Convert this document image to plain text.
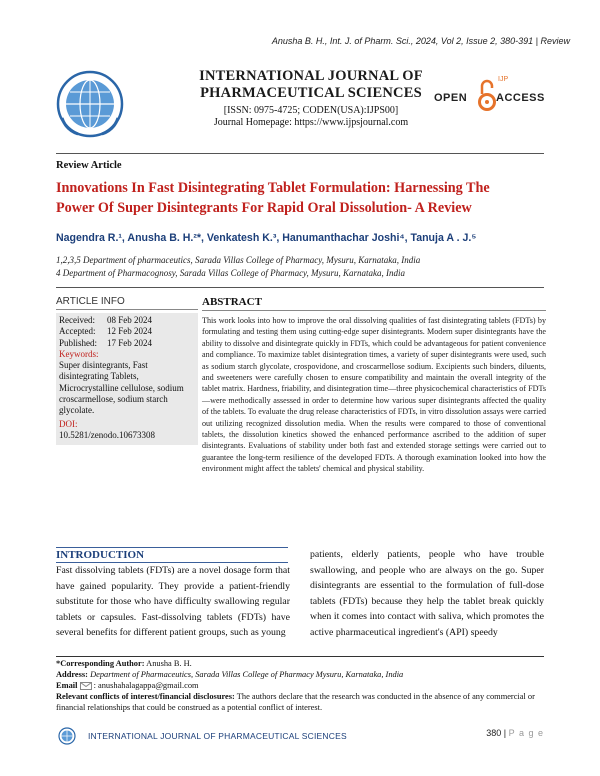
Anusha B. H., Int. J. of Pharm. Sci., 2024, Vol 2, Issue 2, 380-391 | Review
INTERNATIONAL JOURNAL OF
PHARMACEUTICAL SCIENCES
[ISSN: 0975-4725; CODEN(USA):IJPS00]
Journal Homepage: https://www.ijpsjournal.com
OPEN
IJP
ACCESS
Review Article
Innovations In Fast Disintegrating Tablet Formulation: Harnessing The
Power Of Super Disintegrants For Rapid Oral Dissolution- A Review
Nagendra R.¹, Anusha B. H.²*, Venkatesh K.³, Hanumanthachar Joshi⁴, Tanuja A . J.⁵
1,2,3,5 Department of pharmaceutics, Sarada Villas College of Pharmacy, Mysuru, Karnataka, India
4 Department of Pharmacognosy, Sarada Villas College of Pharmacy, Mysuru, Karnataka, India
ARTICLE INFO
Received:	08 Feb 2024
Accepted:	12 Feb 2024
Published:	17 Feb 2024
Keywords:
Super disintegrants, Fast disintegrating Tablets, Microcrystalline cellulose, sodium croscarmellose, sodium starch glycolate.
DOI:
10.5281/zenodo.10673308
ABSTRACT
This work looks into how to improve the oral dissolving qualities of fast disintegrating tablets (FDTs) by formulating and testing them using cutting-edge super disintegrants. Modern super disintegrants have the ability to dissolve and disintegrate quickly in FDTs, which could be advantageous for patient convenience and compliance. To maximize tablet disintegration times, a variety of super disintegrants were used, such as sodium starch glycolate, crospovidone, and croscarmellose sodium. Excipients such binders, diluents, and sweeteners were carefully chosen to ensure compatibility and maintain the overall integrity of the tablet matrix. Hardness, friability, and disintegration time—three physicochemical characteristics of FDTs—were methodically assessed in order to determine how various super disintegrants affected the quality of the tablets. To evaluate the drug release characteristics of FDTs, in vitro dissolution assays were carried out utilizing recognized dissolution media. When the results were compared to those of conventional tablets, the dissolution kinetics showed the enhanced performance ascribed to the addition of super disintegrants. Evaluations of stability under both fast and extended storage settings were carried out to guarantee the long-term resilience of the developed FDTs. A thorough examination looked into how the environment might affect the tablets' chemical and physical stability.
INTRODUCTION
Fast dissolving tablets (FDTs) are a novel dosage form that have gained popularity. They provide a patient-friendly substitute for those who have difficulty swallowing regular tablets or capsules. Fast-dissolving tablets (FDTs) have several benefits for different patient groups, such as young
patients, elderly patients, people who have trouble swallowing, and people who are always on the go. Super disintegrants are essential to the formulation of full-dose tablets (FDTs) because they help the tablet break quickly when it comes into contact with saliva, which promotes the active pharmaceutical ingredient's (API) speedy
*Corresponding Author: Anusha B. H.
Address: Department of Pharmaceutics, Sarada Villas College of Pharmacy Mysuru, Karnataka, India
Email : anushahalagappa@gmail.com
Relevant conflicts of interest/financial disclosures: The authors declare that the research was conducted in the absence of any commercial or financial relationships that could be construed as a potential conflict of interest.
INTERNATIONAL JOURNAL OF PHARMACEUTICAL SCIENCES	380 | P a g e
